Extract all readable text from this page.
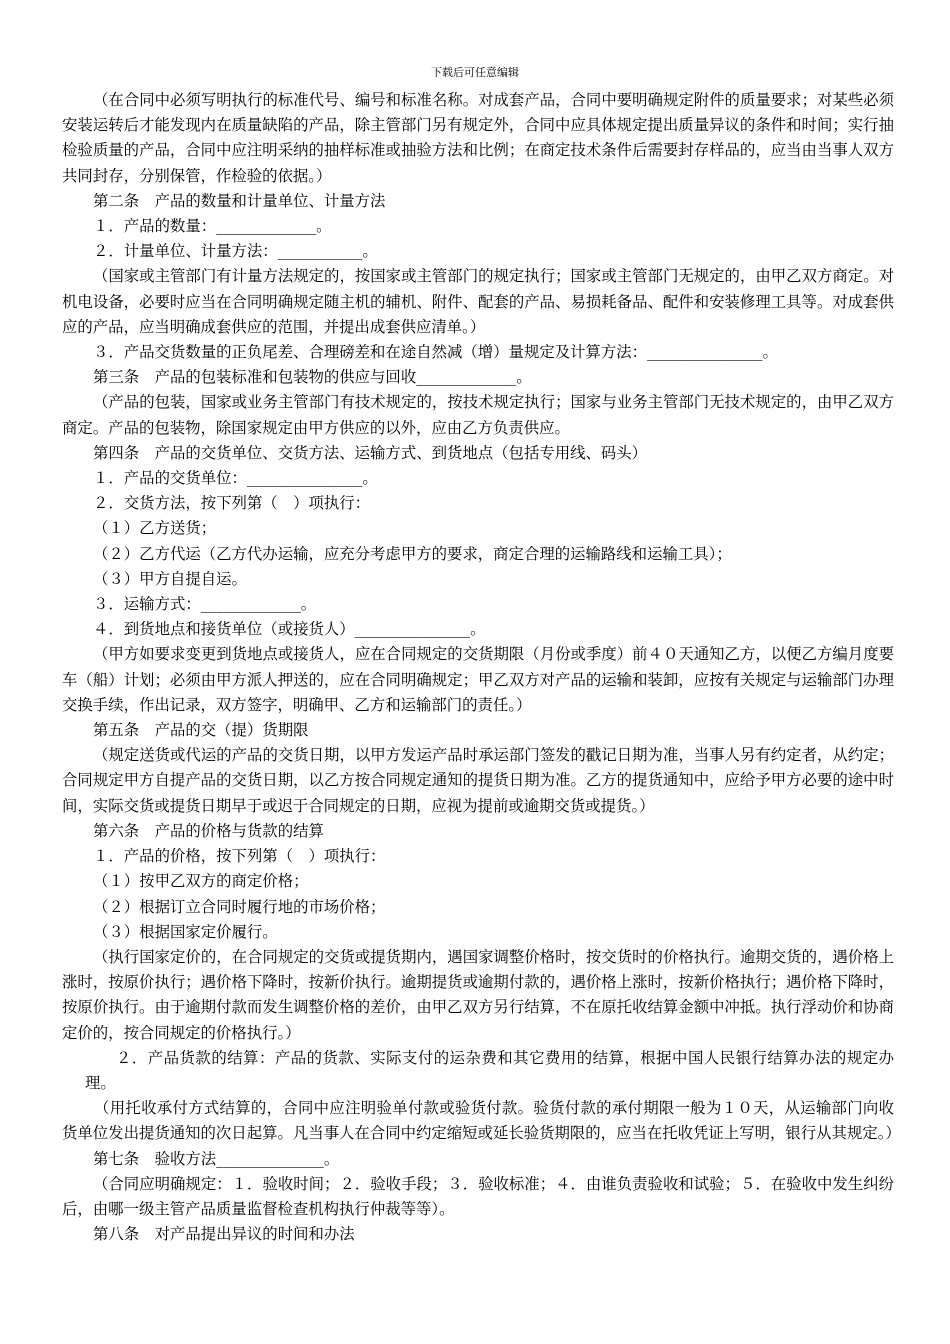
下载后可任意编辑

（在合同中必须写明执行的标准代号、编号和标准名称。对成套产品，合同中要明确规定附件的质量要求；对某些必须安装运转后才能发现内在质量缺陷的产品，除主管部门另有规定外，合同中应具体规定提出质量异议的条件和时间；实行抽 检验质量的产品，合同中应注明采纳的抽样标准或抽验方法和比例；在商定技术条件后需要封存样品的，应当由当事人双方共同封存，分别保管，作检验的依据。）

第二条　产品的数量和计量单位、计量方法

１．产品的数量：_____________。

２．计量单位、计量方法：___________。

（国家或主管部门有计量方法规定的，按国家或主管部门的规定执行；国家或主管部门无规定的，由甲乙双方商定。对机电设备，必要时应当在合同明确规定随主机的辅机、附件、配套的产品、易损耗备品、配件和安装修理工具等。对成套供应的产品，应当明确成套供应的范围，并提出成套供应清单。）

３．产品交货数量的正负尾差、合理磅差和在途自然减（增）量规定及计算方法：_______________。

第三条　产品的包装标准和包装物的供应与回收_____________。

（产品的包装，国家或业务主管部门有技术规定的，按技术规定执行；国家与业务主管部门无技术规定的，由甲乙双方商定。产品的包装物，除国家规定由甲方供应的以外，应由乙方负责供应。

第四条　产品的交货单位、交货方法、运输方式、到货地点（包括专用线、码头）

１．产品的交货单位：_______________。

２．交货方法，按下列第（　）项执行：

（１）乙方送货；

（２）乙方代运（乙方代办运输，应充分考虑甲方的要求，商定合理的运输路线和运输工具）；

（３）甲方自提自运。

３．运输方式：_____________。

４．到货地点和接货单位（或接货人）_______________。

（甲方如要求变更到货地点或接货人，应在合同规定的交货期限（月份或季度）前４０天通知乙方，以便乙方编月度要车（船）计划；必须由甲方派人押送的，应在合同明确规定；甲乙双方对产品的运输和装卸，应按有关规定与运输部门办理交换手续，作出记录，双方签字，明确甲、乙方和运输部门的责任。）

第五条　产品的交（提）货期限

（规定送货或代运的产品的交货日期，以甲方发运产品时承运部门签发的戳记日期为准，当事人另有约定者，从约定；合同规定甲方自提产品的交货日期，以乙方按合同规定通知的提货日期为准。乙方的提货通知中，应给予甲方必要的途中时间，实际交货或提货日期早于或迟于合同规定的日期，应视为提前或逾期交货或提货。）

第六条　产品的价格与货款的结算

１．产品的价格，按下列第（　）项执行：

（１）按甲乙双方的商定价格；

（２）根据订立合同时履行地的市场价格；

（３）根据国家定价履行。

（执行国家定价的，在合同规定的交货或提货期内，遇国家调整价格时，按交货时的价格执行。逾期交货的，遇价格上涨时，按原价执行；遇价格下降时，按新价执行。逾期提货或逾期付款的，遇价格上涨时，按新价格执行；遇价格下降时，按原价执行。由于逾期付款而发生调整价格的差价，由甲乙双方另行结算，不在原托收结算金额中冲抵。执行浮动价和协商定价的，按合同规定的价格执行。）

２．产品货款的结算：产品的货款、实际支付的运杂费和其它费用的结算，根据中国人民银行结算办法的规定办理。

（用托收承付方式结算的，合同中应注明验单付款或验货付款。验货付款的承付期限一般为１０天，从运输部门向收货单位发出提货通知的次日起算。凡当事人在合同中约定缩短或延长验货期限的，应当在托收凭证上写明，银行从其规定。）

第七条　验收方法______________。

（合同应明确规定：１．验收时间；２．验收手段；３．验收标准；４．由谁负责验收和试验；５．在验收中发生纠纷后，由哪一级主管产品质量监督检查机构执行仲裁等等）。

第八条　对产品提出异议的时间和办法
